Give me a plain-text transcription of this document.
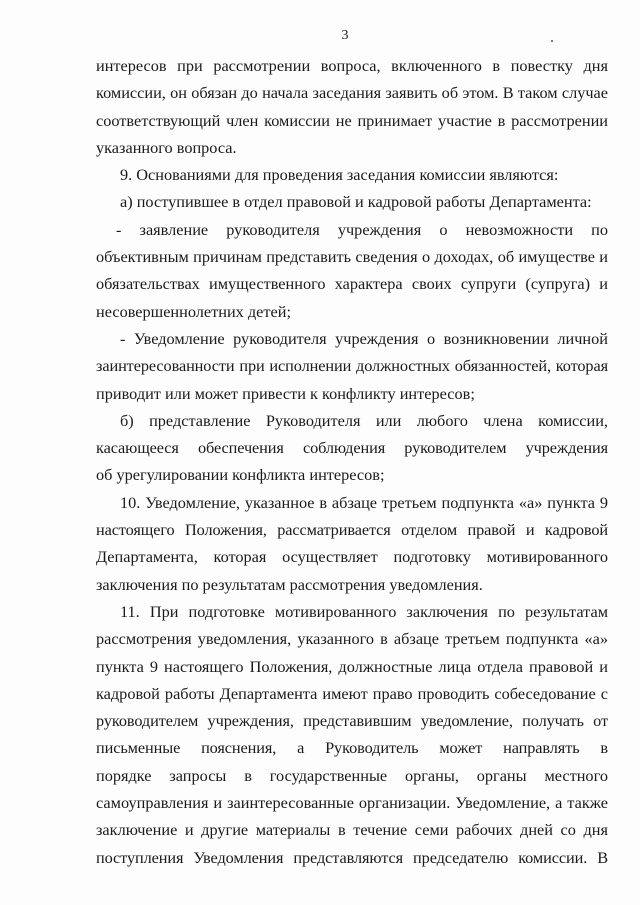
3
интересов при рассмотрении вопроса, включенного в повестку дня
комиссии, он обязан до начала заседания заявить об этом. В таком случае
соответствующий член комиссии не принимает участие в рассмотрении
указанного вопроса.
9. Основаниями для проведения заседания комиссии являются:
а) поступившее в отдел правовой и кадровой работы Департамента:
- заявление руководителя учреждения о невозможности по
объективным причинам представить сведения о доходах, об имуществе и
обязательствах имущественного характера своих супруги (супруга) и
несовершеннолетних детей;
- Уведомление руководителя учреждения о возникновении личной
заинтересованности при исполнении должностных обязанностей, которая
приводит или может привести к конфликту интересов;
б) представление Руководителя или любого члена комиссии,
касающееся обеспечения соблюдения руководителем учреждения
об урегулировании конфликта интересов;
10. Уведомление, указанное в абзаце третьем подпункта «а» пункта 9
настоящего Положения, рассматривается отделом правой и кадровой
Департамента, которая осуществляет подготовку мотивированного
заключения по результатам рассмотрения уведомления.
11. При подготовке мотивированного заключения по результатам
рассмотрения уведомления, указанного в абзаце третьем подпункта «а»
пункта 9 настоящего Положения, должностные лица отдела правовой и
кадровой работы Департамента имеют право проводить собеседование с
руководителем учреждения, представившим уведомление, получать от
письменные пояснения, а Руководитель может направлять в
порядке запросы в государственные органы, органы местного
самоуправления и заинтересованные организации. Уведомление, а также
заключение и другие материалы в течение семи рабочих дней со дня
поступления Уведомления представляются председателю комиссии. В
